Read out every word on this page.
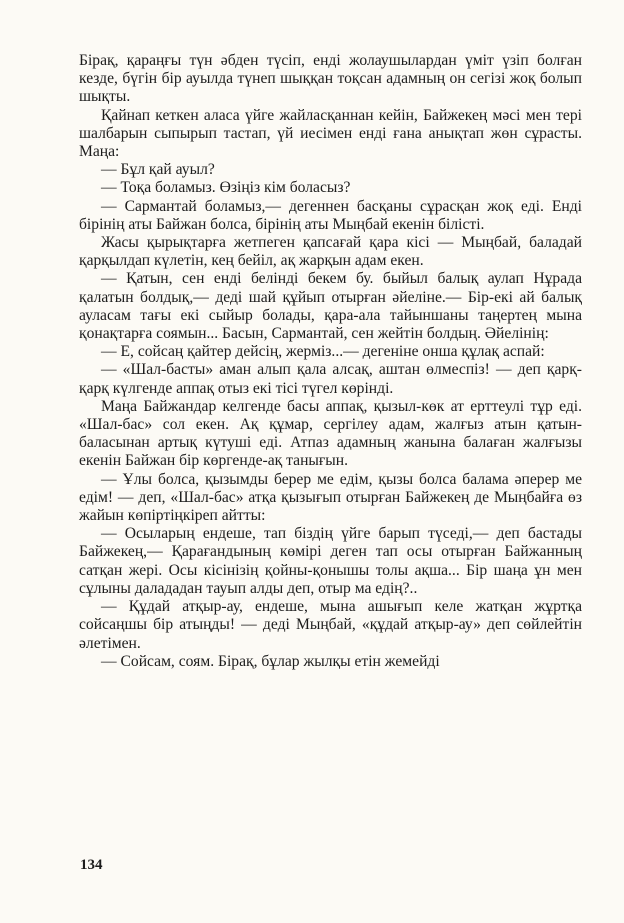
Бірақ, қараңғы түн әбден түсіп, енді жолаушылардан үміт үзіп болған кезде, бүгін бір ауылда түнеп шыққан тоқсан адамның он сегізі жоқ болып шықты.

Қайнап кеткен аласа үйге жайласқаннан кейін, Байжекең мәсі мен тері шалбарын сыпырып тастап, үй иесімен енді ғана анықтап жөн сұрасты. Маңа:

— Бұл қай ауыл?

— Тоқа боламыз. Өзіңіз кім боласыз?

— Сармантай боламыз,— дегеннен басқаны сұрасқан жоқ еді. Енді бірінің аты Байжан болса, бірінің аты Мыңбай екенін білісті.

Жасы қырықтарға жетпеген қапсағай қара кісі — Мыңбай, баладай қарқылдап күлетін, кең бейіл, ақ жарқын адам екен.

— Қатын, сен енді белінді бекем бу. быйыл балық аулап Нұрада қалатын болдық,— деді шай құйып отырған әйеліне.— Бір-екі ай балық ауласам тағы екі сыйыр болады, қара-ала тайыншаны таңертең мына қонақтарға соямын... Басын, Сармантай, сен жейтін болдың. Әйелінің:

— Е, сойсаң қайтер дейсің, жерміз...— дегеніне онша құлақ аспай:

— «Шал-басты» аман алып қала алсақ, аштан өлмеспіз! — деп қарқ-қарқ күлгенде аппақ отыз екі тісі түгел көрінді.

Маңа Байжандар келгенде басы аппақ, қызыл-көк ат ерттеулі тұр еді. «Шал-бас» сол екен. Ақ құмар, сергілеу адам, жалғыз атын қатын-баласынан артық күтуші еді. Атпаз адамның жанына балаған жалғызы екенін Байжан бір көргенде-ақ танығын.

— Ұлы болса, қызымды берер ме едім, қызы болса балама әперер ме едім! — деп, «Шал-бас» атқа қызығып отырған Байжекең де Мыңбайға өз жайын көпіртіңкіреп айтты:

— Осыларың ендеше, тап біздің үйге барып түседі,— деп бастады Байжекең,— Қарағандының көмірі деген тап осы отырған Байжанның сатқан жері. Осы кісінізің қойны-қонышы толы ақша... Бір шаңа ұн мен сұлыны далададан тауып алды деп, отыр ма едің?..

— Құдай атқыр-ау, ендеше, мына ашығып келе жатқан жұртқа сойсаңшы бір атыңды! — деді Мыңбай, «құдай атқыр-ау» деп сөйлейтін әлетімен.

— Сойсам, соям. Бірақ, бұлар жылқы етін жемейді

134
